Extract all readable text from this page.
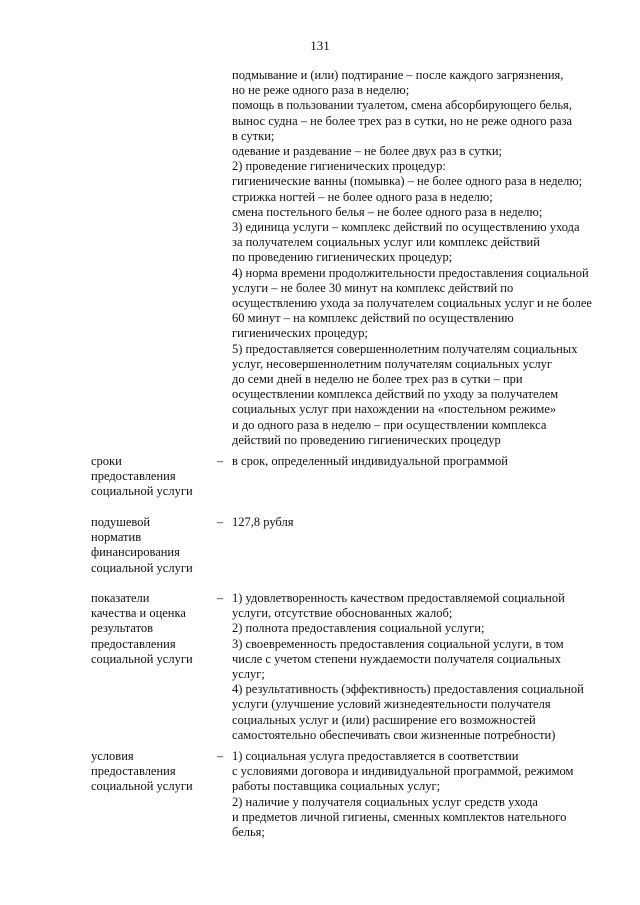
131
подмывание и (или) подтирание – после каждого загрязнения,
но не реже одного раза в неделю;
помощь в пользовании туалетом, смена абсорбирующего белья,
вынос судна – не более трех раз в сутки, но не реже одного раза
в сутки;
одевание и раздевание – не более двух раз в сутки;
2) проведение гигиенических процедур:
гигиенические ванны (помывка) – не более одного раза в неделю;
стрижка ногтей – не более одного раза в неделю;
смена постельного белья – не более одного раза в неделю;
3) единица услуги – комплекс действий по осуществлению ухода
за получателем социальных услуг или комплекс действий
по проведению гигиенических процедур;
4) норма времени продолжительности предоставления социальной
услуги – не более 30 минут на комплекс действий по
осуществлению ухода за получателем социальных услуг и не более
60 минут – на комплекс действий по осуществлению
гигиенических процедур;
5) предоставляется совершеннолетним получателям социальных
услуг, несовершеннолетним получателям социальных услуг
до семи дней в неделю не более трех раз в сутки – при
осуществлении комплекса действий по уходу за получателем
социальных услуг при нахождении на «постельном режиме»
и до одного раза в неделю – при осуществлении комплекса
действий по проведению гигиенических процедур
сроки
предоставления
социальной услуги
– в срок, определенный индивидуальной программой
подушевой
норматив
финансирования
социальной услуги
– 127,8 рубля
показатели
качества и оценка
результатов
предоставления
социальной услуги
– 1) удовлетворенность качеством предоставляемой социальной
услуги, отсутствие обоснованных жалоб;
2) полнота предоставления социальной услуги;
3) своевременность предоставления социальной услуги, в том
числе с учетом степени нуждаемости получателя социальных
услуг;
4) результативность (эффективность) предоставления социальной
услуги (улучшение условий жизнедеятельности получателя
социальных услуг и (или) расширение его возможностей
самостоятельно обеспечивать свои жизненные потребности)
условия
предоставления
социальной услуги
– 1) социальная услуга предоставляется в соответствии
с условиями договора и индивидуальной программой, режимом
работы поставщика социальных услуг;
2) наличие у получателя социальных услуг средств ухода
и предметов личной гигиены, сменных комплектов нательного
белья;
